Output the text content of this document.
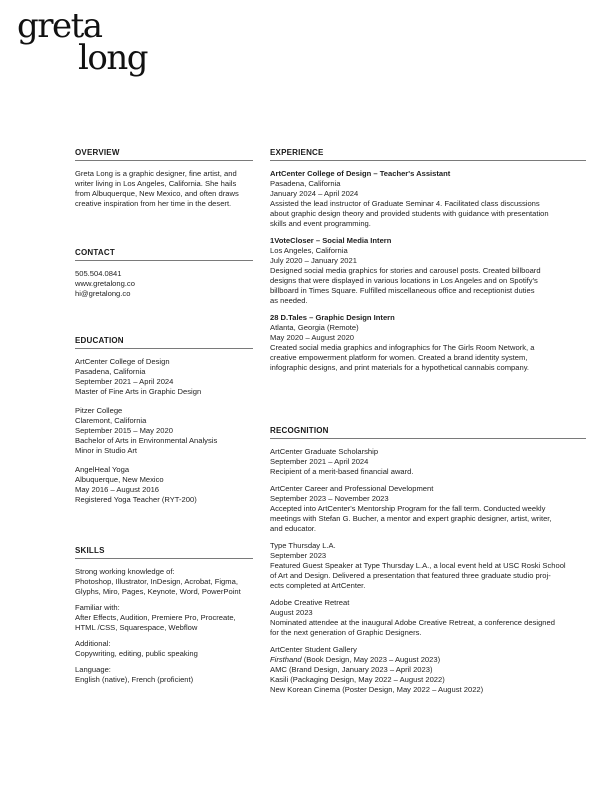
greta
long
OVERVIEW
Greta Long is a graphic designer, fine artist, and
writer living in Los Angeles, California. She hails
from Albuquerque, New Mexico, and often draws
creative inspiration from her time in the desert.
CONTACT
505.504.0841
www.gretalong.co
hi@gretalong.co
EDUCATION
ArtCenter College of Design
Pasadena, California
September 2021 – April 2024
Master of Fine Arts in Graphic Design
Pitzer College
Claremont, California
September 2015 – May 2020
Bachelor of Arts in Environmental Analysis
Minor in Studio Art
AngelHeal Yoga
Albuquerque, New Mexico
May 2016 – August 2016
Registered Yoga Teacher (RYT-200)
SKILLS
Strong working knowledge of:
Photoshop, Illustrator, InDesign, Acrobat, Figma,
Glyphs, Miro, Pages, Keynote, Word, PowerPoint
Familiar with:
After Effects, Audition, Premiere Pro, Procreate,
HTML /CSS, Squarespace, Webflow
Additional:
Copywriting, editing, public speaking
Language:
English (native), French (proficient)
EXPERIENCE
ArtCenter College of Design – Teacher's Assistant
Pasadena, California
January 2024 – April 2024
Assisted the lead instructor of Graduate Seminar 4. Facilitated class discussions
about graphic design theory and provided students with guidance with presentation
skills and event programming.
1VoteCloser – Social Media Intern
Los Angeles, California
July 2020 – January 2021
Designed social media graphics for stories and carousel posts. Created billboard
designs that were displayed in various locations in Los Angeles and on Spotify's
billboard in Times Square. Fulfilled miscellaneous office and receptionist duties
as needed.
28 D.Tales – Graphic Design Intern
Atlanta, Georgia (Remote)
May 2020 – August 2020
Created social media graphics and infographics for The Girls Room Network, a
creative empowerment platform for women. Created a brand identity system,
infographic designs, and print materials for a hypothetical cannabis company.
RECOGNITION
ArtCenter Graduate Scholarship
September 2021 – April 2024
Recipient of a merit-based financial award.
ArtCenter Career and Professional Development
September 2023 – November 2023
Accepted into ArtCenter's Mentorship Program for the fall term. Conducted weekly
meetings with Stefan G. Bucher, a mentor and expert graphic designer, artist, writer,
and educator.
Type Thursday L.A.
September 2023
Featured Guest Speaker at Type Thursday L.A., a local event held at USC Roski School
of Art and Design. Delivered a presentation that featured three graduate studio proj-
ects completed at ArtCenter.
Adobe Creative Retreat
August 2023
Nominated attendee at the inaugural Adobe Creative Retreat, a conference designed
for the next generation of Graphic Designers.
ArtCenter Student Gallery
Firsthand (Book Design, May 2023 – August 2023)
AMC (Brand Design, January 2023 – April 2023)
Kasili (Packaging Design, May 2022 – August 2022)
New Korean Cinema (Poster Design, May 2022 – August 2022)
